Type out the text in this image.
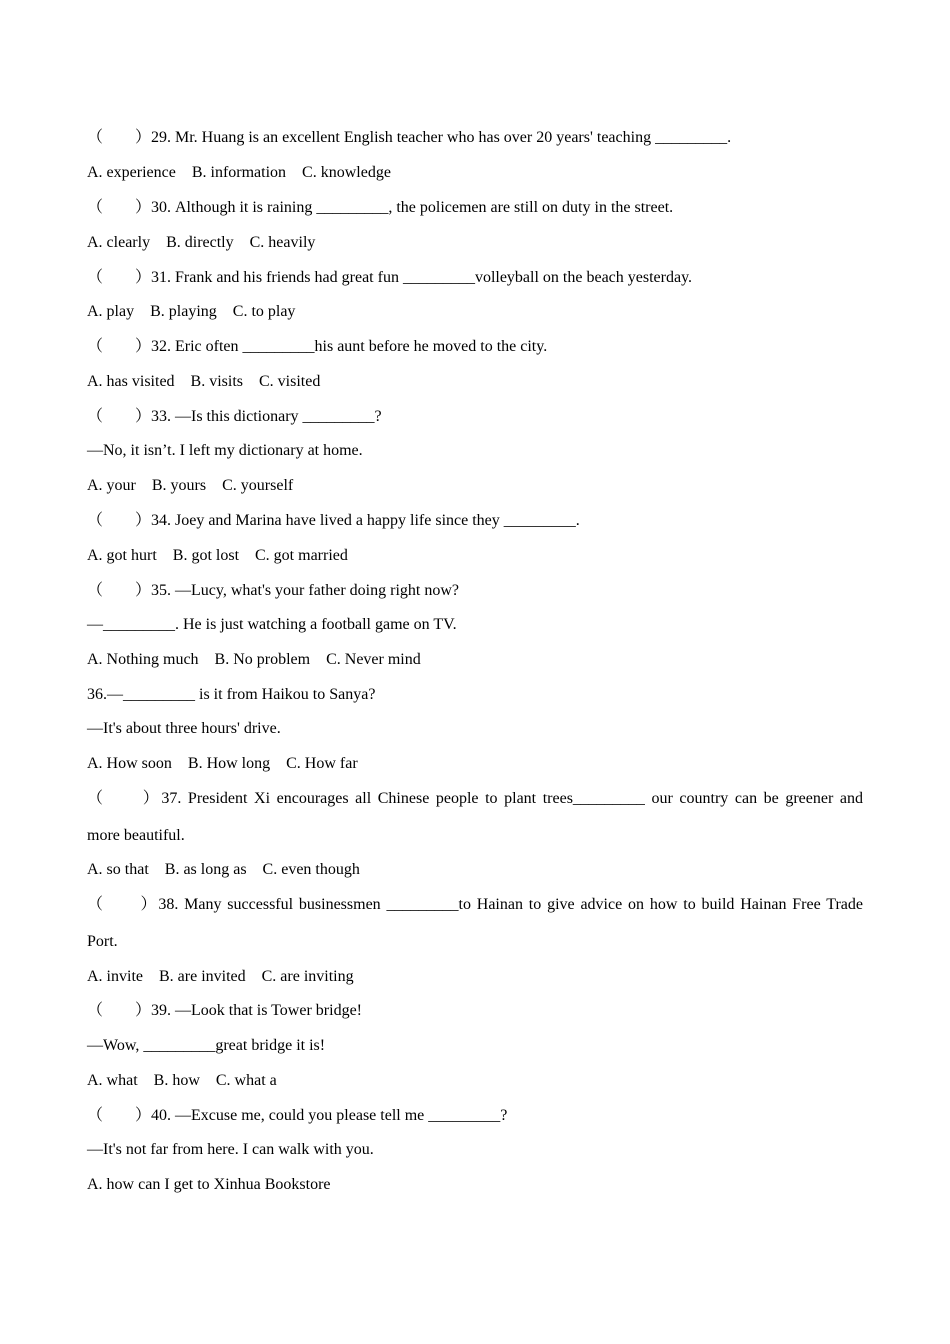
（　　）29. Mr. Huang is an excellent English teacher who has over 20 years' teaching _________.
A. experience　B. information　C. knowledge
（　　）30. Although it is raining _________, the policemen are still on duty in the street.
A. clearly　B. directly　C. heavily
（　　）31. Frank and his friends had great fun _________volleyball on the beach yesterday.
A. play　B. playing　C. to play
（　　）32. Eric often _________his aunt before he moved to the city.
A. has visited　B. visits　C. visited
（　　）33. —Is this dictionary _________?
—No, it isn’t. I left my dictionary at home.
A. your　B. yours　C. yourself
（　　）34. Joey and Marina have lived a happy life since they _________.
A. got hurt　B. got lost　C. got married
（　　）35. —Lucy, what's your father doing right now?
—_________. He is just watching a football game on TV.
A. Nothing much　B. No problem　C. Never mind
36.—_________ is it from Haikou to Sanya?
—It's about three hours' drive.
A. How soon　B. How long　C. How far
（　　）37. President Xi encourages all Chinese people to plant trees_________ our country can be greener and
more beautiful.
A. so that　B. as long as　C. even though
（　　）38. Many successful businessmen _________to Hainan to give advice on how to build Hainan Free Trade
Port.
A. invite　B. are invited　C. are inviting
（　　）39. —Look that is Tower bridge!
—Wow, _________great bridge it is!
A. what　B. how　C. what a
（　　）40. —Excuse me, could you please tell me _________?
—It's not far from here. I can walk with you.
A. how can I get to Xinhua Bookstore
